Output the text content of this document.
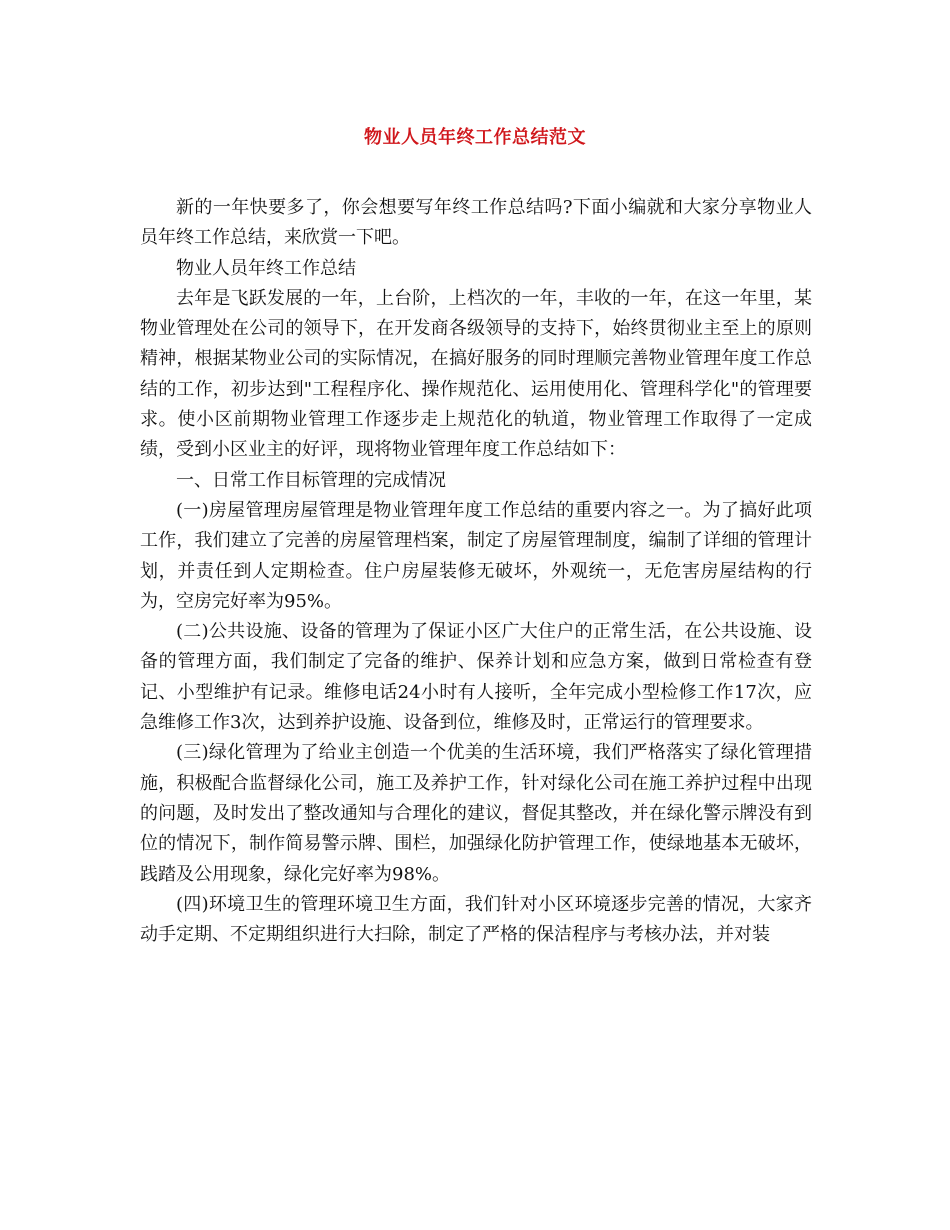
物业人员年终工作总结范文

新的一年快要多了，你会想要写年终工作总结吗?下面小编就和大家分享物业人员年终工作总结，来欣赏一下吧。

物业人员年终工作总结

去年是飞跃发展的一年，上台阶，上档次的一年，丰收的一年，在这一年里，某物业管理处在公司的领导下，在开发商各级领导的支持下，始终贯彻业主至上的原则精神，根据某物业公司的实际情况，在搞好服务的同时理顺完善物业管理年度工作总结的工作，初步达到"工程程序化、操作规范化、运用使用化、管理科学化"的管理要求。使小区前期物业管理工作逐步走上规范化的轨道，物业管理工作取得了一定成绩，受到小区业主的好评，现将物业管理年度工作总结如下：

一、日常工作目标管理的完成情况

(一)房屋管理房屋管理是物业管理年度工作总结的重要内容之一。为了搞好此项工作，我们建立了完善的房屋管理档案，制定了房屋管理制度，编制了详细的管理计划，并责任到人定期检查。住户房屋装修无破坏，外观统一，无危害房屋结构的行为，空房完好率为95%。

(二)公共设施、设备的管理为了保证小区广大住户的正常生活，在公共设施、设备的管理方面，我们制定了完备的维护、保养计划和应急方案，做到日常检查有登记、小型维护有记录。维修电话24小时有人接听，全年完成小型检修工作17次，应急维修工作3次，达到养护设施、设备到位，维修及时，正常运行的管理要求。

(三)绿化管理为了给业主创造一个优美的生活环境，我们严格落实了绿化管理措施，积极配合监督绿化公司，施工及养护工作，针对绿化公司在施工养护过程中出现的问题，及时发出了整改通知与合理化的建议，督促其整改，并在绿化警示牌没有到位的情况下，制作简易警示牌、围栏，加强绿化防护管理工作，使绿地基本无破坏，践踏及公用现象，绿化完好率为98%。

(四)环境卫生的管理环境卫生方面，我们针对小区环境逐步完善的情况，大家齐动手定期、不定期组织进行大扫除，制定了严格的保洁程序与考核办法，并对装
